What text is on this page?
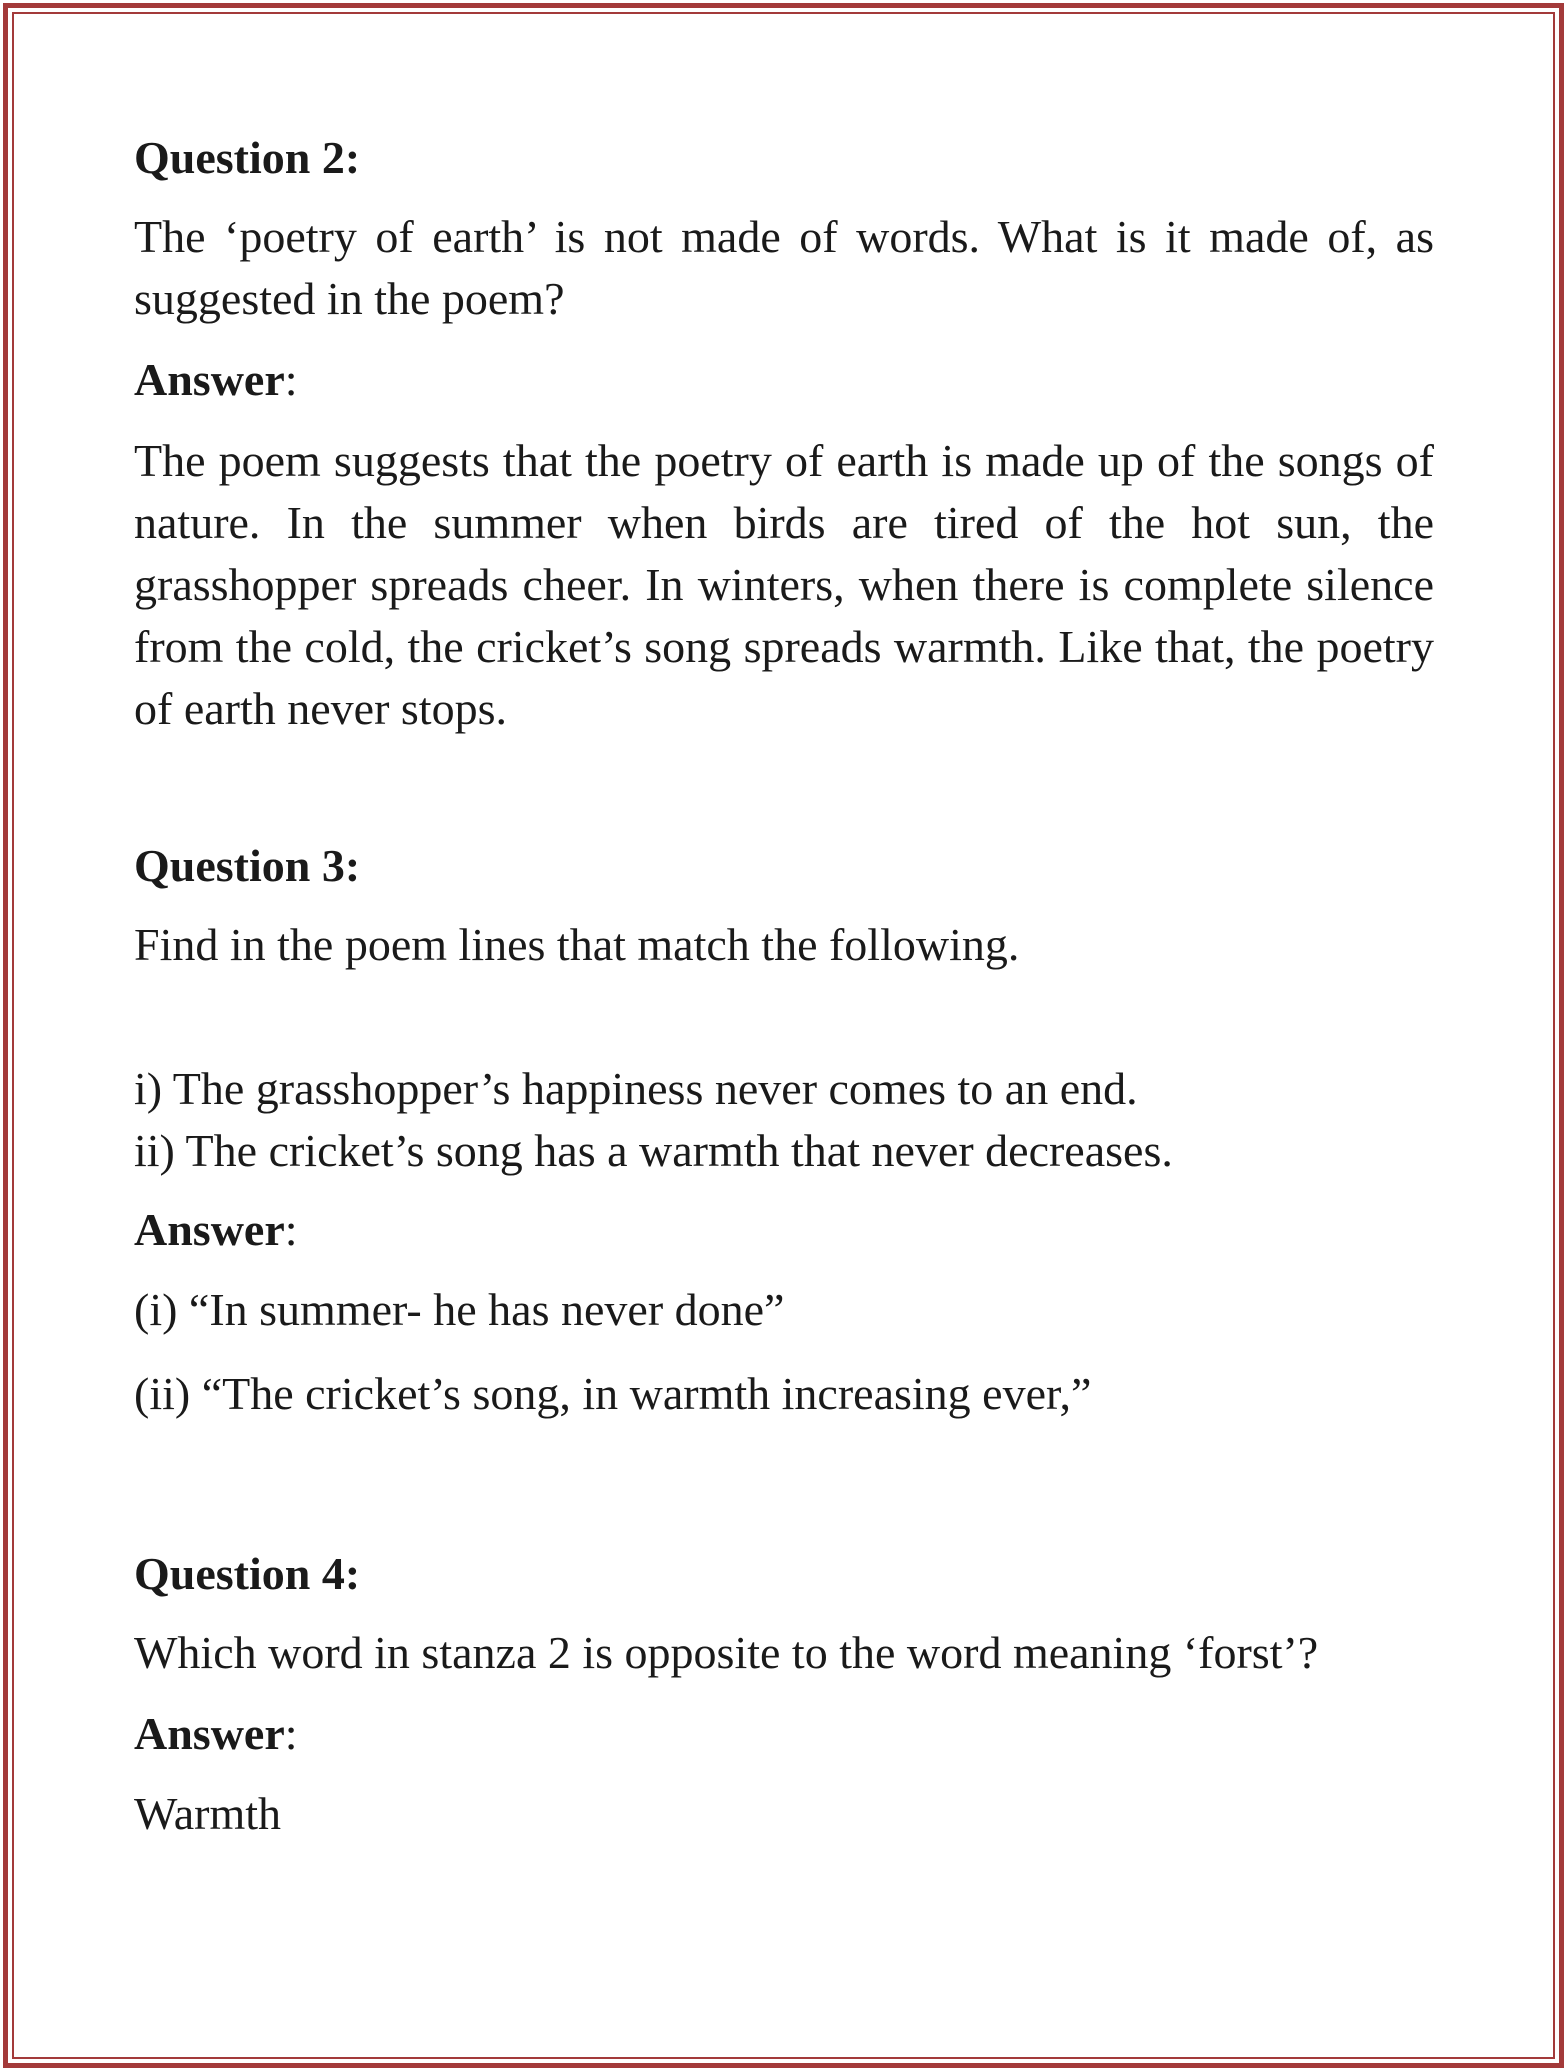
Question 2:
The ‘poetry of earth’ is not made of words. What is it made of, as suggested in the poem?
Answer:
The poem suggests that the poetry of earth is made up of the songs of nature. In the summer when birds are tired of the hot sun, the grasshopper spreads cheer. In winters, when there is complete silence from the cold, the cricket’s song spreads warmth. Like that, the poetry of earth never stops.
Question 3:
Find in the poem lines that match the following.
i) The grasshopper’s happiness never comes to an end.
ii) The cricket’s song has a warmth that never decreases.
Answer:
(i) “In summer- he has never done”
(ii) “The cricket’s song, in warmth increasing ever,”
Question 4:
Which word in stanza 2 is opposite to the word meaning ‘forst’?
Answer:
Warmth
